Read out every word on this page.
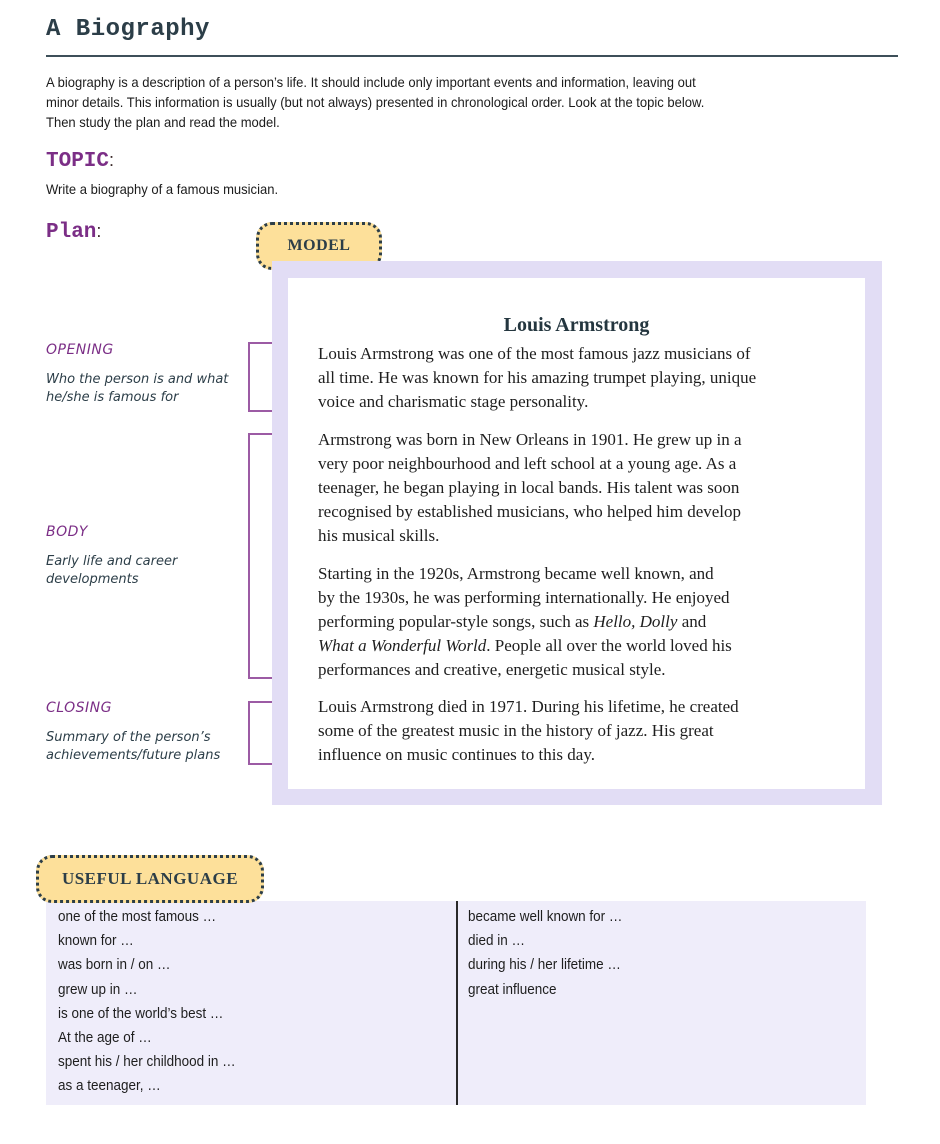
A Biography
A biography is a description of a person’s life. It should include only important events and information, leaving out minor details. This information is usually (but not always) presented in chronological order. Look at the topic below. Then study the plan and read the model.
TOPIC:
Write a biography of a famous musician.
Plan:
OPENING
Who the person is and what he/she is famous for
BODY
Early life and career developments
CLOSING
Summary of the person’s achievements/future plans
MODEL
Louis Armstrong
Louis Armstrong was one of the most famous jazz musicians of
all time. He was known for his amazing trumpet playing, unique
voice and charismatic stage personality.
Armstrong was born in New Orleans in 1901. He grew up in a
very poor neighbourhood and left school at a young age. As a
teenager, he began playing in local bands. His talent was soon
recognised by established musicians, who helped him develop
his musical skills.
Starting in the 1920s, Armstrong became well known, and
by the 1930s, he was performing internationally. He enjoyed
performing popular-style songs, such as Hello, Dolly and
What a Wonderful World. People all over the world loved his
performances and creative, energetic musical style.
Louis Armstrong died in 1971. During his lifetime, he created
some of the greatest music in the history of jazz. His great
influence on music continues to this day.
USEFUL LANGUAGE
one of the most famous …
known for …
was born in / on …
grew up in …
is one of the world’s best …
At the age of …
spent his / her childhood in …
as a teenager, …
became well known for …
died in …
during his / her lifetime …
great influence
